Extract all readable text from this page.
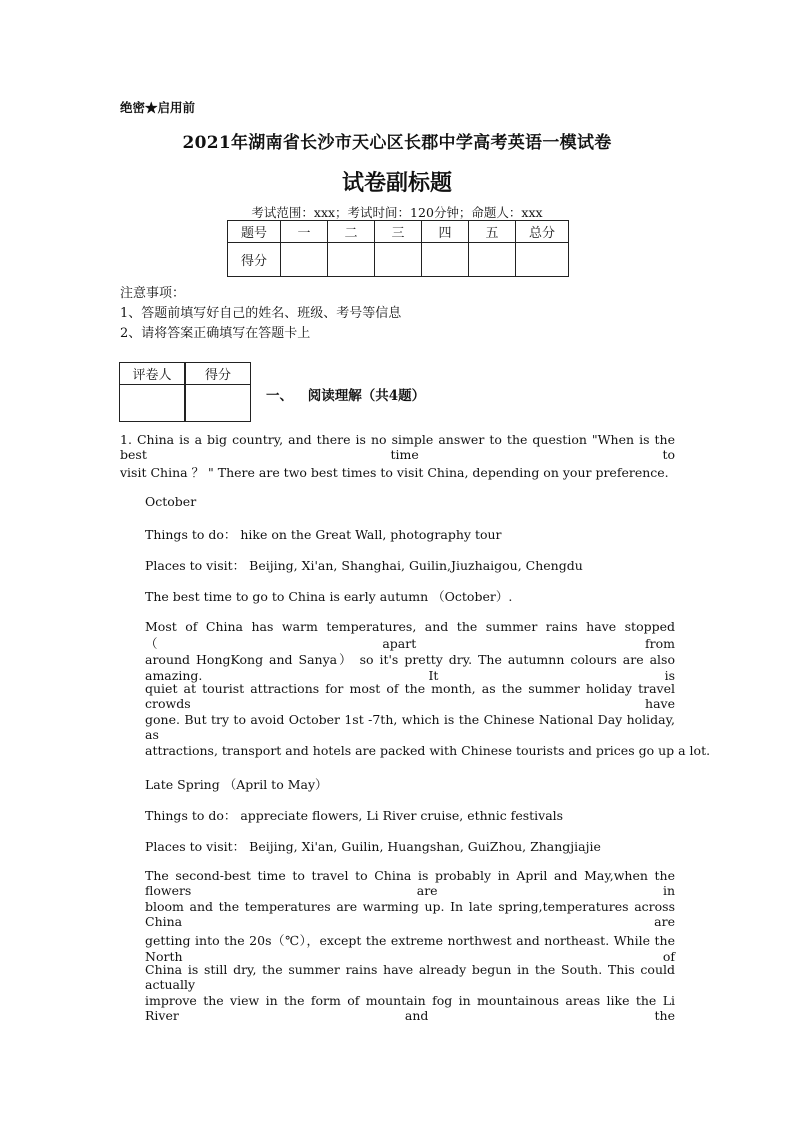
绝密★启用前
2021年湖南省长沙市天心区长郡中学高考英语一模试卷
试卷副标题
考试范围：xxx；考试时间：120分钟；命题人：xxx
题号	一	二	三	四	五	总分
得分						
注意事项：
1、答题前填写好自己的姓名、班级、考号等信息
2、请将答案正确填写在答题卡上
评卷人	得分

一、 阅读理解（共4题）
1. China is a big country, and there is no simple answer to the question "When is the best time to
visit China ？ " There are two best times to visit China, depending on your preference.
October
Things to do： hike on the Great Wall, photography tour
Places to visit： Beijing, Xi'an, Shanghai, Guilin,Jiuzhaigou, Chengdu
The best time to go to China is early autumn （October）.
Most of China has warm temperatures, and the summer rains have stopped （apart from
around HongKong and Sanya） so it's pretty dry. The autumnn colours are also amazing. It is
quiet at tourist attractions for most of the month, as the summer holiday travel crowds have
gone. But try to avoid October 1st -7th, which is the Chinese National Day holiday, as
attractions, transport and hotels are packed with Chinese tourists and prices go up a lot.
Late Spring （April to May）
Things to do： appreciate flowers, Li River cruise, ethnic festivals
Places to visit： Beijing, Xi'an, Guilin, Huangshan, GuiZhou, Zhangjiajie
The second-best time to travel to China is probably in April and May,when the flowers are in
bloom and the temperatures are warming up. In late spring,temperatures across China are
getting into the 20s（℃），except the extreme northwest and northeast. While the North of
China is still dry, the summer rains have already begun in the South. This could actually
improve the view in the form of mountain fog in mountainous areas like the Li River and the
